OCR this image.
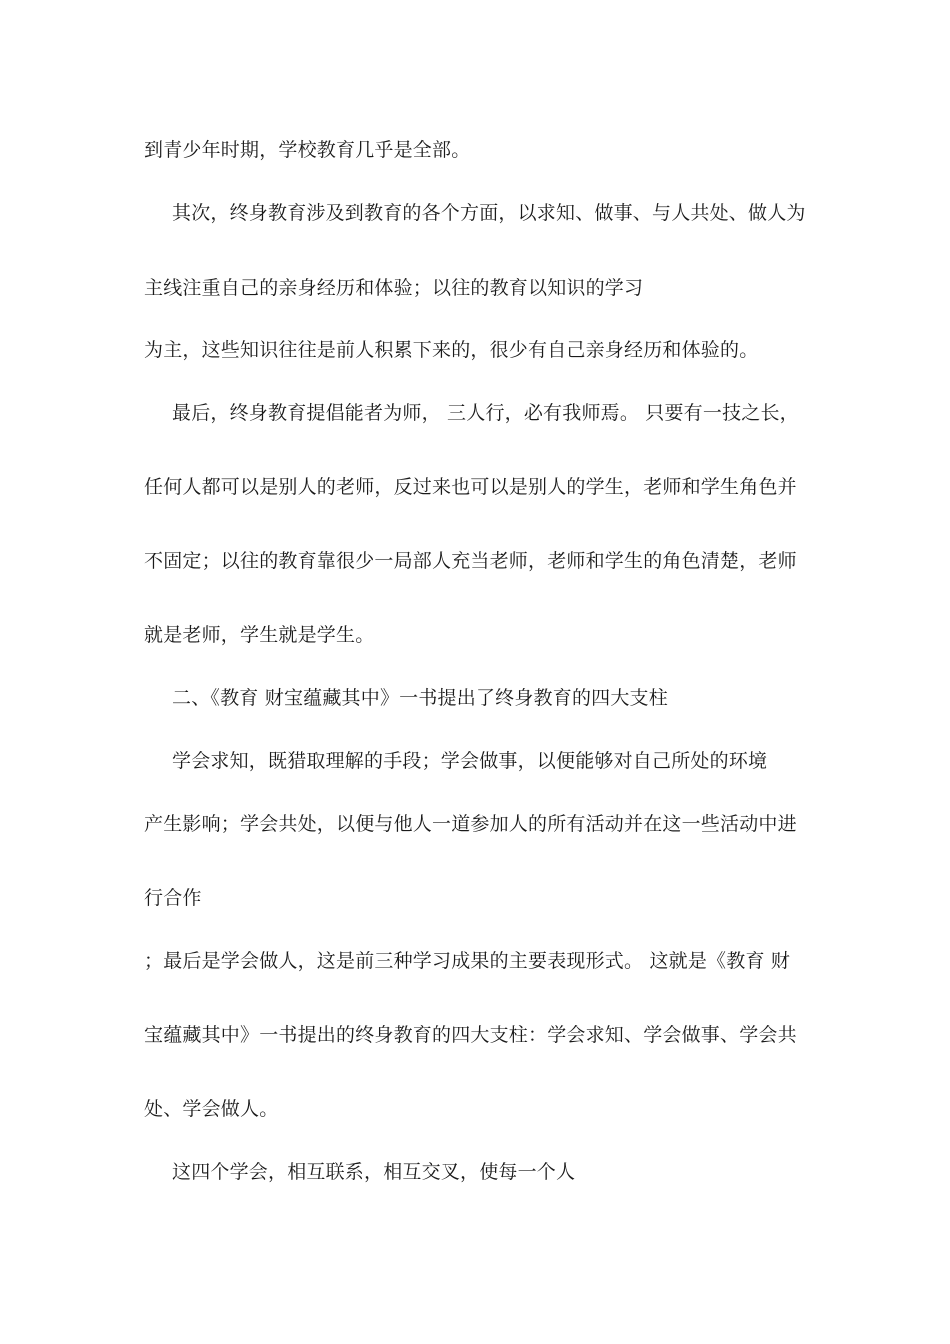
到青少年时期，学校教育几乎是全部。
其次，终身教育涉及到教育的各个方面，以求知、做事、与人共处、做人为
主线注重自己的亲身经历和体验；以往的教育以知识的学习
为主，这些知识往往是前人积累下来的，很少有自己亲身经历和体验的。
最后，终身教育提倡能者为师， 三人行，必有我师焉。 只要有一技之长，
任何人都可以是别人的老师，反过来也可以是别人的学生，老师和学生角色并
不固定；以往的教育靠很少一局部人充当老师，老师和学生的角色清楚，老师
就是老师，学生就是学生。
二、《教育 财宝蕴藏其中》一书提出了终身教育的四大支柱
学会求知，既猎取理解的手段；学会做事，以便能够对自己所处的环境
产生影响；学会共处，以便与他人一道参加人的所有活动并在这一些活动中进
行合作
；最后是学会做人，这是前三种学习成果的主要表现形式。 这就是《教育 财
宝蕴藏其中》一书提出的终身教育的四大支柱：学会求知、学会做事、学会共
处、学会做人。
这四个学会，相互联系，相互交叉，使每一个人
